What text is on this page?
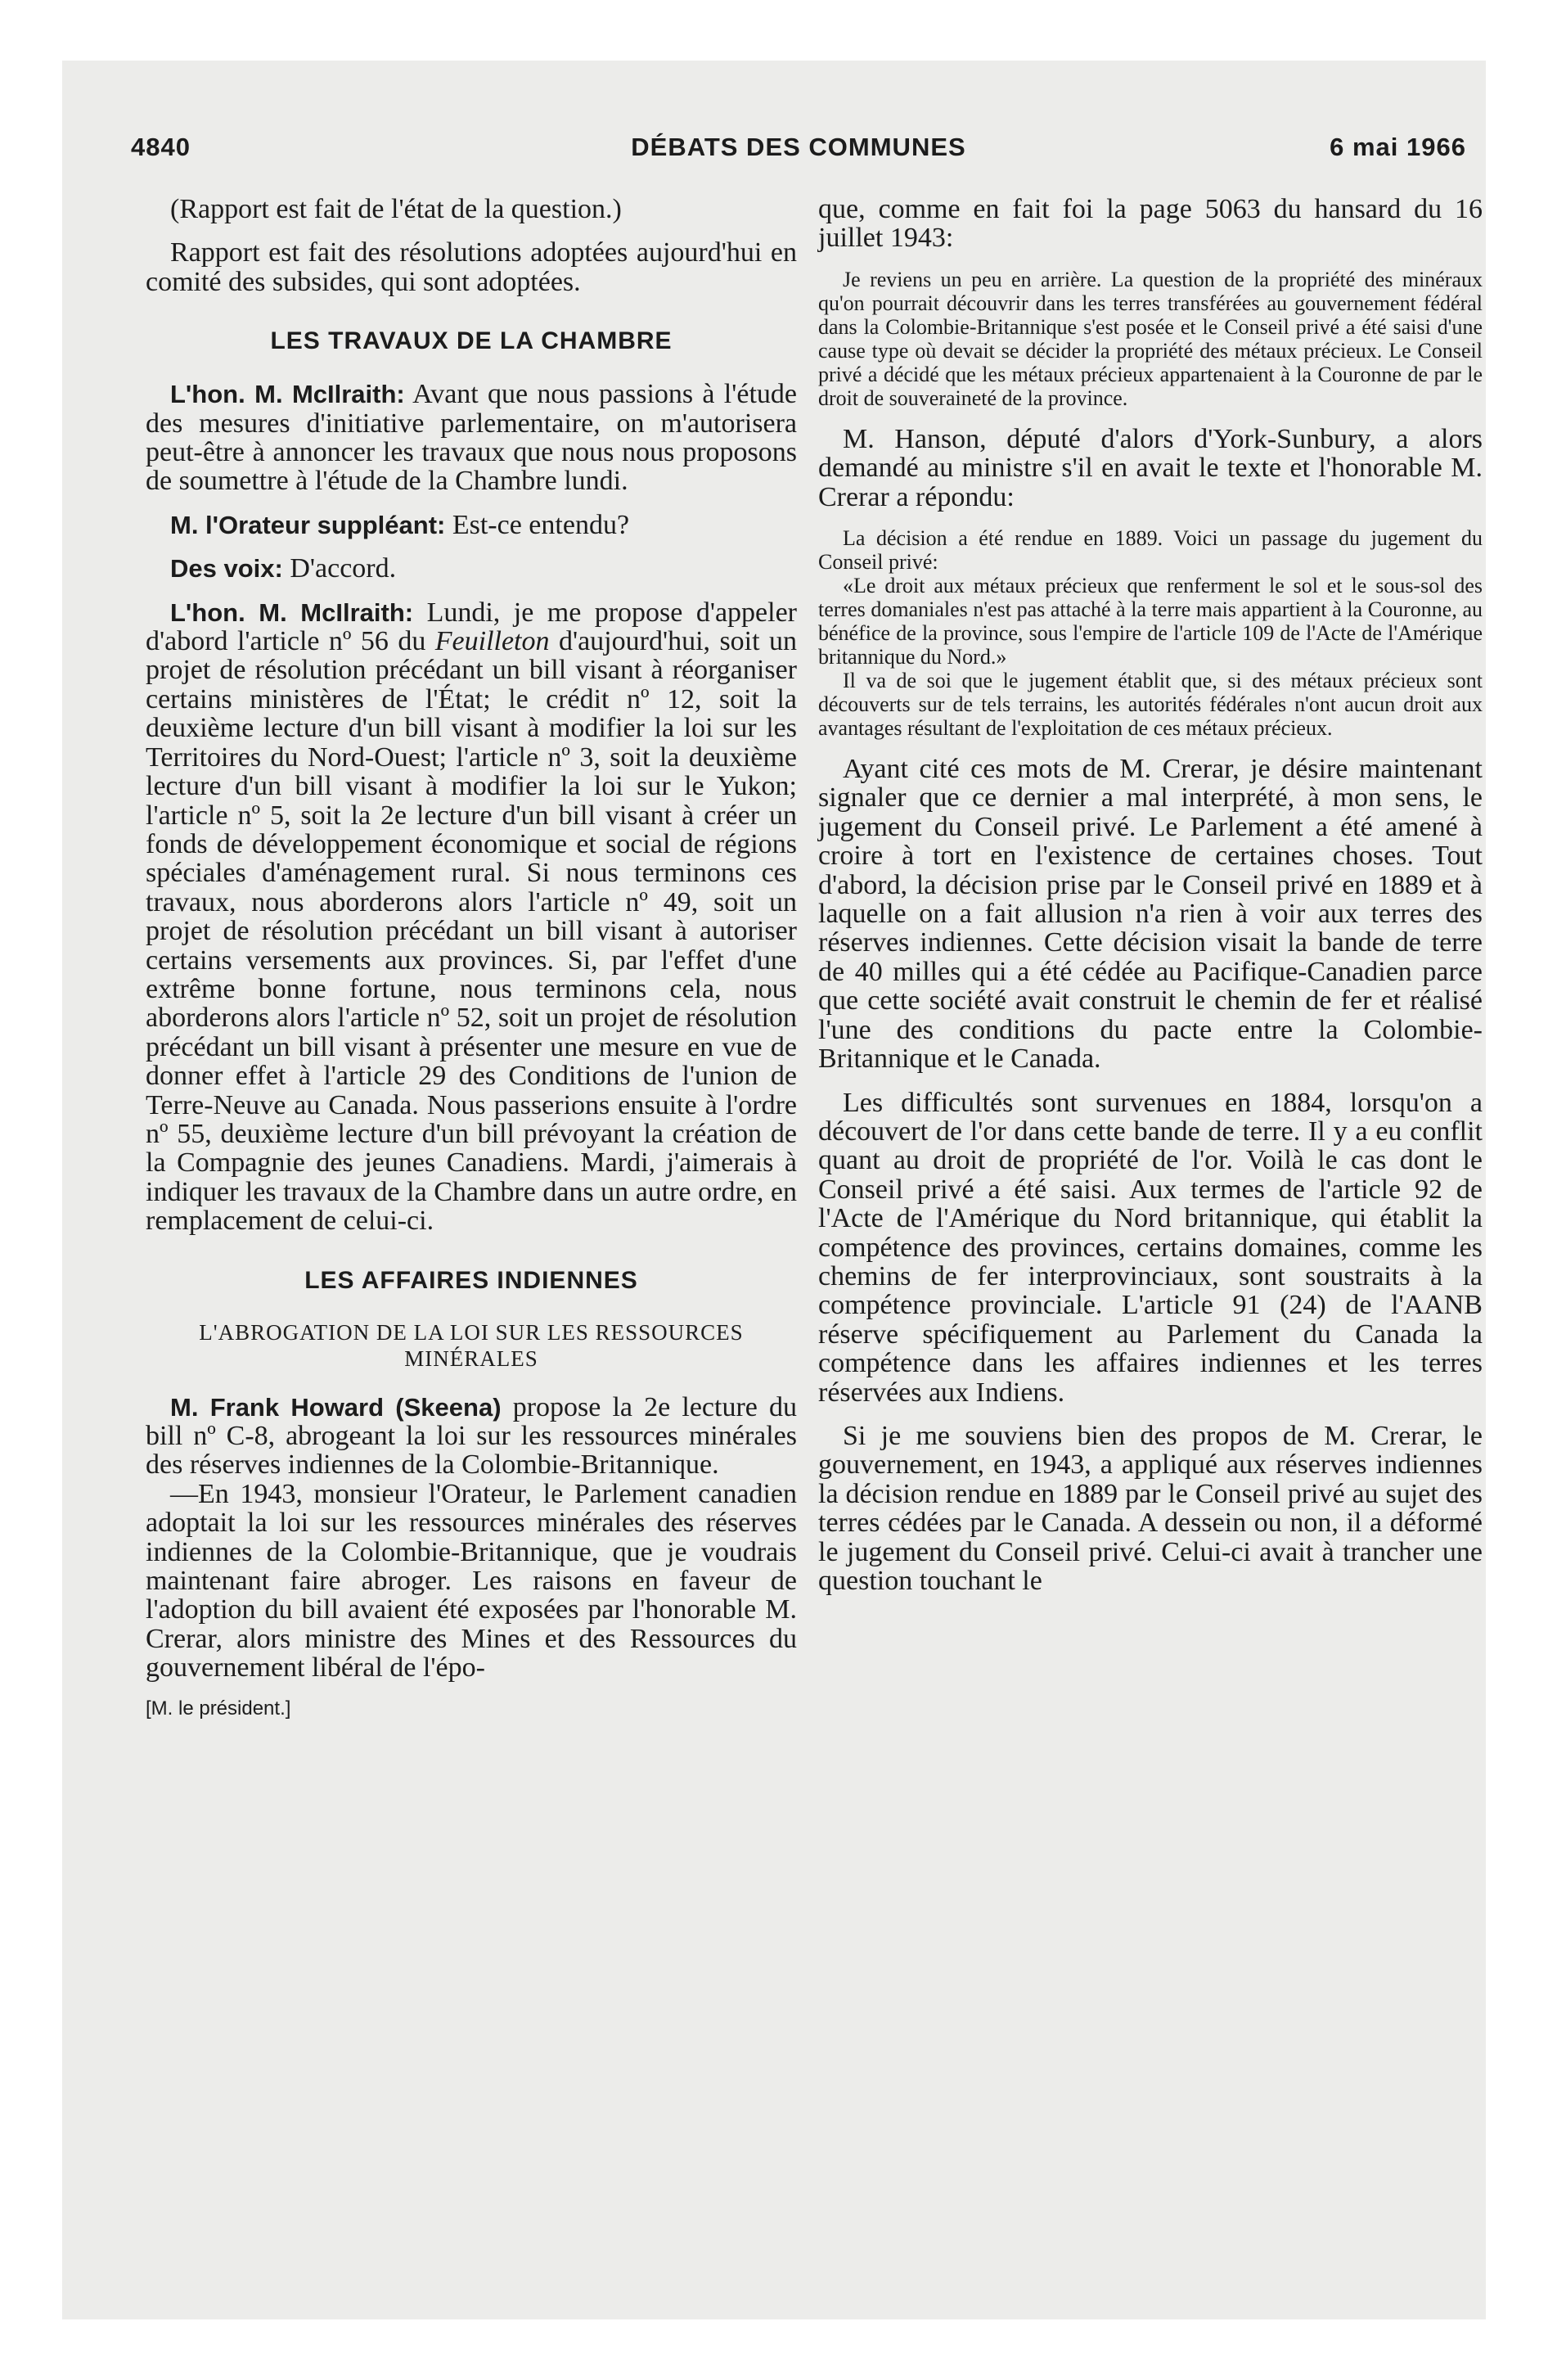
4840	DÉBATS DES COMMUNES	6 mai 1966

(Rapport est fait de l'état de la question.)

Rapport est fait des résolutions adoptées aujourd'hui en comité des subsides, qui sont adoptées.

LES TRAVAUX DE LA CHAMBRE

L'hon. M. McIlraith: Avant que nous passions à l'étude des mesures d'initiative parlementaire, on m'autorisera peut-être à annoncer les travaux que nous nous proposons de soumettre à l'étude de la Chambre lundi.

M. l'Orateur suppléant: Est-ce entendu?

Des voix: D'accord.

L'hon. M. McIlraith: Lundi, je me propose d'appeler d'abord l'article nº 56 du Feuilleton d'aujourd'hui, soit un projet de résolution précédant un bill visant à réorganiser certains ministères de l'État; le crédit nº 12, soit la deuxième lecture d'un bill visant à modifier la loi sur les Territoires du Nord-Ouest; l'article nº 3, soit la deuxième lecture d'un bill visant à modifier la loi sur le Yukon; l'article nº 5, soit la 2e lecture d'un bill visant à créer un fonds de développement économique et social de régions spéciales d'aménagement rural. Si nous terminons ces travaux, nous aborderons alors l'article nº 49, soit un projet de résolution précédant un bill visant à autoriser certains versements aux provinces. Si, par l'effet d'une extrême bonne fortune, nous terminons cela, nous aborderons alors l'article nº 52, soit un projet de résolution précédant un bill visant à présenter une mesure en vue de donner effet à l'article 29 des Conditions de l'union de Terre-Neuve au Canada. Nous passerions ensuite à l'ordre nº 55, deuxième lecture d'un bill prévoyant la création de la Compagnie des jeunes Canadiens. Mardi, j'aimerais à indiquer les travaux de la Chambre dans un autre ordre, en remplacement de celui-ci.

LES AFFAIRES INDIENNES
L'ABROGATION DE LA LOI SUR LES RESSOURCES MINÉRALES

M. Frank Howard (Skeena) propose la 2e lecture du bill nº C-8, abrogeant la loi sur les ressources minérales des réserves indiennes de la Colombie-Britannique.

—En 1943, monsieur l'Orateur, le Parlement canadien adoptait la loi sur les ressources minérales des réserves indiennes de la Colombie-Britannique, que je voudrais maintenant faire abroger. Les raisons en faveur de l'adoption du bill avaient été exposées par l'honorable M. Crerar, alors ministre des Mines et des Ressources du gouvernement libéral de l'épo-

[M. le président.]

que, comme en fait foi la page 5063 du hansard du 16 juillet 1943:

Je reviens un peu en arrière. La question de la propriété des minéraux qu'on pourrait découvrir dans les terres transférées au gouvernement fédéral dans la Colombie-Britannique s'est posée et le Conseil privé a été saisi d'une cause type où devait se décider la propriété des métaux précieux. Le Conseil privé a décidé que les métaux précieux appartenaient à la Couronne de par le droit de souveraineté de la province.

M. Hanson, député d'alors d'York-Sunbury, a alors demandé au ministre s'il en avait le texte et l'honorable M. Crerar a répondu:

La décision a été rendue en 1889. Voici un passage du jugement du Conseil privé:

«Le droit aux métaux précieux que renferment le sol et le sous-sol des terres domaniales n'est pas attaché à la terre mais appartient à la Couronne, au bénéfice de la province, sous l'empire de l'article 109 de l'Acte de l'Amérique britannique du Nord.»

Il va de soi que le jugement établit que, si des métaux précieux sont découverts sur de tels terrains, les autorités fédérales n'ont aucun droit aux avantages résultant de l'exploitation de ces métaux précieux.

Ayant cité ces mots de M. Crerar, je désire maintenant signaler que ce dernier a mal interprété, à mon sens, le jugement du Conseil privé. Le Parlement a été amené à croire à tort en l'existence de certaines choses. Tout d'abord, la décision prise par le Conseil privé en 1889 et à laquelle on a fait allusion n'a rien à voir aux terres des réserves indiennes. Cette décision visait la bande de terre de 40 milles qui a été cédée au Pacifique-Canadien parce que cette société avait construit le chemin de fer et réalisé l'une des conditions du pacte entre la Colombie-Britannique et le Canada.

Les difficultés sont survenues en 1884, lorsqu'on a découvert de l'or dans cette bande de terre. Il y a eu conflit quant au droit de propriété de l'or. Voilà le cas dont le Conseil privé a été saisi. Aux termes de l'article 92 de l'Acte de l'Amérique du Nord britannique, qui établit la compétence des provinces, certains domaines, comme les chemins de fer interprovinciaux, sont soustraits à la compétence provinciale. L'article 91 (24) de l'AANB réserve spécifiquement au Parlement du Canada la compétence dans les affaires indiennes et les terres réservées aux Indiens.

Si je me souviens bien des propos de M. Crerar, le gouvernement, en 1943, a appliqué aux réserves indiennes la décision rendue en 1889 par le Conseil privé au sujet des terres cédées par le Canada. A dessein ou non, il a déformé le jugement du Conseil privé. Celui-ci avait à trancher une question touchant le
